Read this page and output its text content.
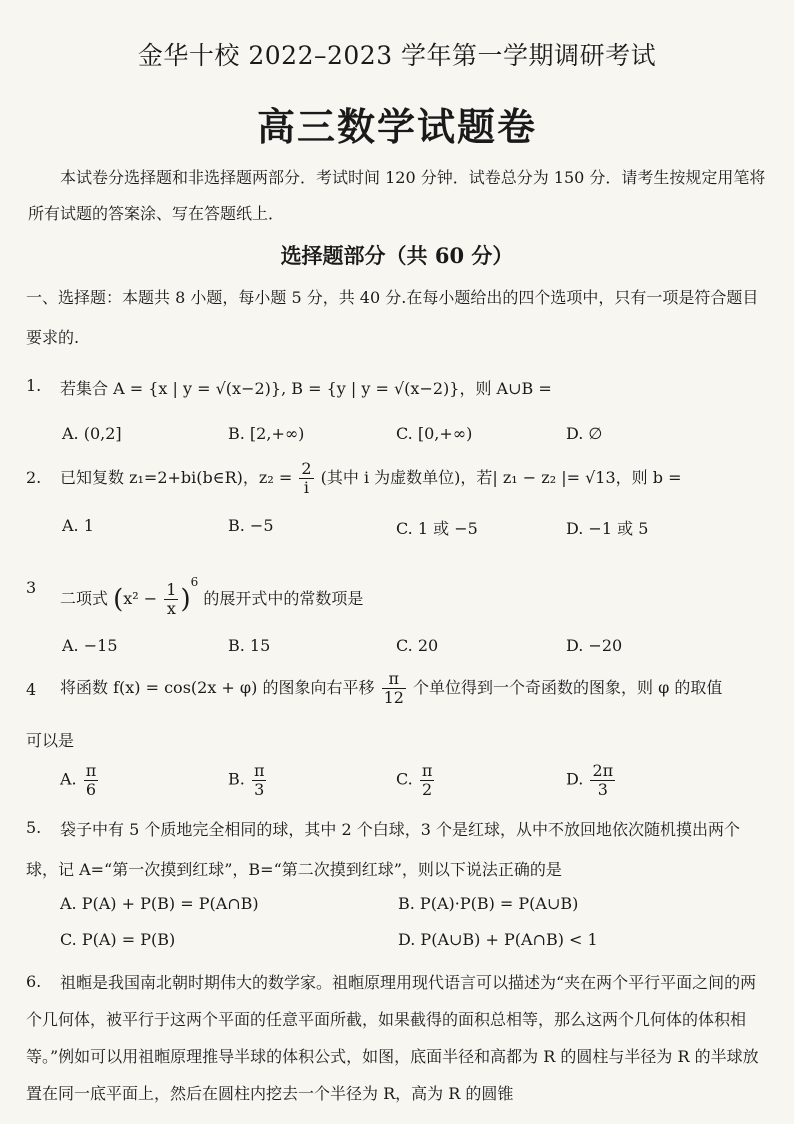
金华十校 2022–2023 学年第一学期调研考试
高三数学试题卷
本试卷分选择题和非选择题两部分．考试时间 120 分钟．试卷总分为 150 分．请考生按规定用笔将所有试题的答案涂、写在答题纸上．
选择题部分（共 60 分）
一、选择题：本题共 8 小题，每小题 5 分，共 40 分.在每小题给出的四个选项中，只有一项是符合题目要求的.
1. 若集合 A = {x | y = √(x−2)}, B = {y | y = √(x−2)}，则 A∪B =
A. (0,2]	B. [2,+∞)	C. [0,+∞)	D. ∅
2. 已知复数 z₁=2+bi(b∈R)，$z_2 = \frac{2}{i}$ (其中 i 为虚数单位)，若| z₁ − z₂ |= √13，则 b =
A. 1	B. −5	C. 1 或 −5	D. −1 或 5
3
二项式 $(x^2 - \frac{1}{x} )^6$ 的展开式中的常数项是
A. −15	B. 15	C. 20	D. −20
4 将函数 f(x) = cos(2x + φ) 的图象向右平移 $\frac{\pi}{12}$ 个单位得到一个奇函数的图象，则 φ 的取值
可以是
A. $\frac{\pi}{6}$	B. $\frac{\pi}{3}$	C. $\frac{\pi}{2}$	D. $\frac{2\pi}{3}$
5.	袋子中有 5 个质地完全相同的球，其中 2 个白球，3 个是红球，从中不放回地依次随机摸出两个球，记 A=“第一次摸到红球”，B=“第二次摸到红球”，则以下说法正确的是
A. P(A) + P(B) = P(A∩B)	B. P(A)·P(B) = P(A∪B)
C. P(A) = P(B)	D. P(A∪B) + P(A∩B) < 1
6.	祖暅是我国南北朝时期伟大的数学家。祖暅原理用现代语言可以描述为“夹在两个平行平面之间的两个几何体，被平行于这两个平面的任意平面所截，如果截得的面积总相等，那么这两个几何体的体积相等。”例如可以用祖暅原理推导半球的体积公式，如图，底面半径和高都为 R 的圆柱与半径为 R 的半球放置在同一底平面上，然后在圆柱内挖去一个半径为 R，高为 R 的圆锥
